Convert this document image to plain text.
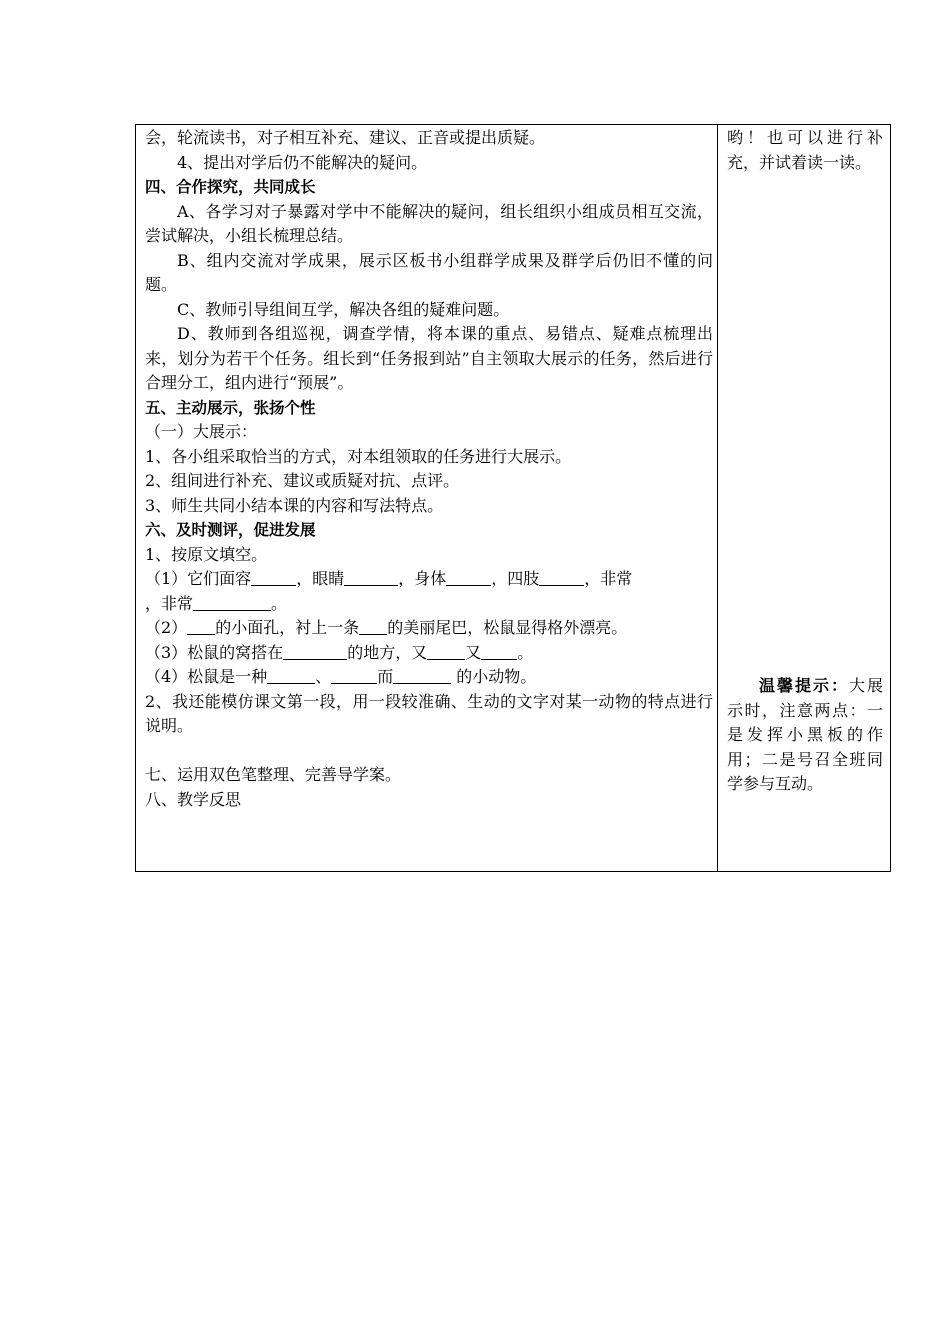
会，轮流读书，对子相互补充、建议、正音或提出质疑。
4、提出对学后仍不能解决的疑问。
四、合作探究，共同成长
A、各学习对子暴露对学中不能解决的疑问，组长组织小组成员相互交流，尝试解决，小组长梳理总结。
B、组内交流对学成果，展示区板书小组群学成果及群学后仍旧不懂的问题。
C、教师引导组间互学，解决各组的疑难问题。
D、教师到各组巡视，调查学情，将本课的重点、易错点、疑难点梳理出来，划分为若干个任务。组长到“任务报到站”自主领取大展示的任务，然后进行合理分工，组内进行“预展”。
五、主动展示，张扬个性
（一）大展示：
1、各小组采取恰当的方式，对本组领取的任务进行大展示。
2、组间进行补充、建议或质疑对抗、点评。
3、师生共同小结本课的内容和写法特点。
六、及时测评，促进发展
1、按原文填空。
（1）它们面容	，眼睛	，身体	，四肢	，非常
，非常	。
（2） 的小面孔，衬上一条 的美丽尾巴，松鼠显得格外漂亮。
（3）松鼠的窝搭在	的地方，又 又 。
（4）松鼠是一种	、	而	的小动物。
2、我还能模仿课文第一段，用一段较准确、生动的文字对某一动物的特点进行说明。
七、运用双色笔整理、完善导学案。
八、教学反思
哟！也可以进行补充，并试着读一读。
温馨提示：大展示时，注意两点：一是发挥小黑板的作用；二是号召全班同学参与互动。
